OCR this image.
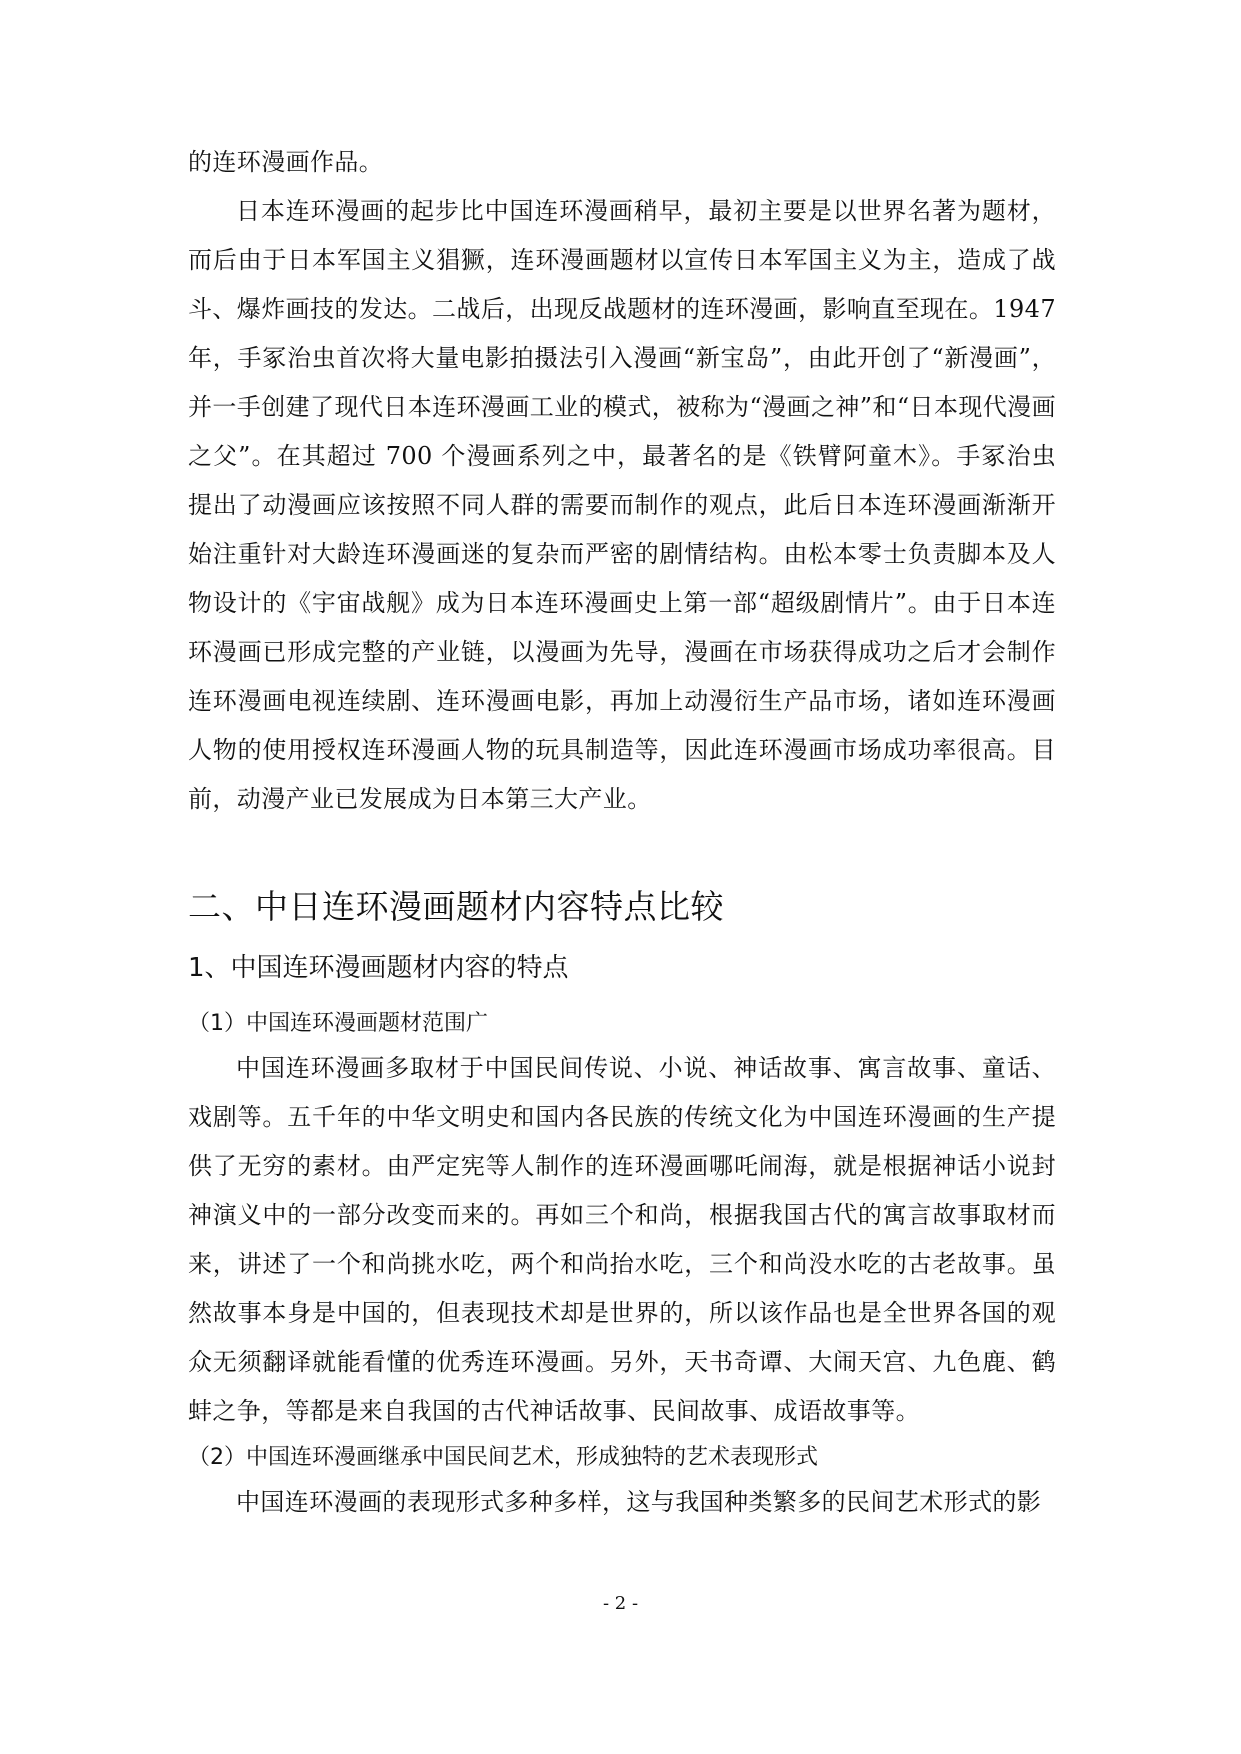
的连环漫画作品。

日本连环漫画的起步比中国连环漫画稍早，最初主要是以世界名著为题材，而后由于日本军国主义猖獗，连环漫画题材以宣传日本军国主义为主，造成了战斗、爆炸画技的发达。二战后，出现反战题材的连环漫画，影响直至现在。1947年，手冢治虫首次将大量电影拍摄法引入漫画“新宝岛”，由此开创了“新漫画”，并一手创建了现代日本连环漫画工业的模式，被称为“漫画之神”和“日本现代漫画之父”。在其超过 700 个漫画系列之中，最著名的是《铁臂阿童木》。手冢治虫提出了动漫画应该按照不同人群的需要而制作的观点，此后日本连环漫画渐渐开始注重针对大龄连环漫画迷的复杂而严密的剧情结构。由松本零士负责脚本及人物设计的《宇宙战舰》成为日本连环漫画史上第一部“超级剧情片”。由于日本连环漫画已形成完整的产业链，以漫画为先导，漫画在市场获得成功之后才会制作连环漫画电视连续剧、连环漫画电影，再加上动漫衍生产品市场，诸如连环漫画人物的使用授权连环漫画人物的玩具制造等，因此连环漫画市场成功率很高。目前，动漫产业已发展成为日本第三大产业。

二、中日连环漫画题材内容特点比较
1、中国连环漫画题材内容的特点
（1）中国连环漫画题材范围广

中国连环漫画多取材于中国民间传说、小说、神话故事、寓言故事、童话、戏剧等。五千年的中华文明史和国内各民族的传统文化为中国连环漫画的生产提供了无穷的素材。由严定宪等人制作的连环漫画哪吒闹海，就是根据神话小说封神演义中的一部分改变而来的。再如三个和尚，根据我国古代的寓言故事取材而来，讲述了一个和尚挑水吃，两个和尚抬水吃，三个和尚没水吃的古老故事。虽然故事本身是中国的，但表现技术却是世界的，所以该作品也是全世界各国的观众无须翻译就能看懂的优秀连环漫画。另外，天书奇谭、大闹天宫、九色鹿、鹤蚌之争，等都是来自我国的古代神话故事、民间故事、成语故事等。

（2）中国连环漫画继承中国民间艺术，形成独特的艺术表现形式

中国连环漫画的表现形式多种多样，这与我国种类繁多的民间艺术形式的影

- 2 -
